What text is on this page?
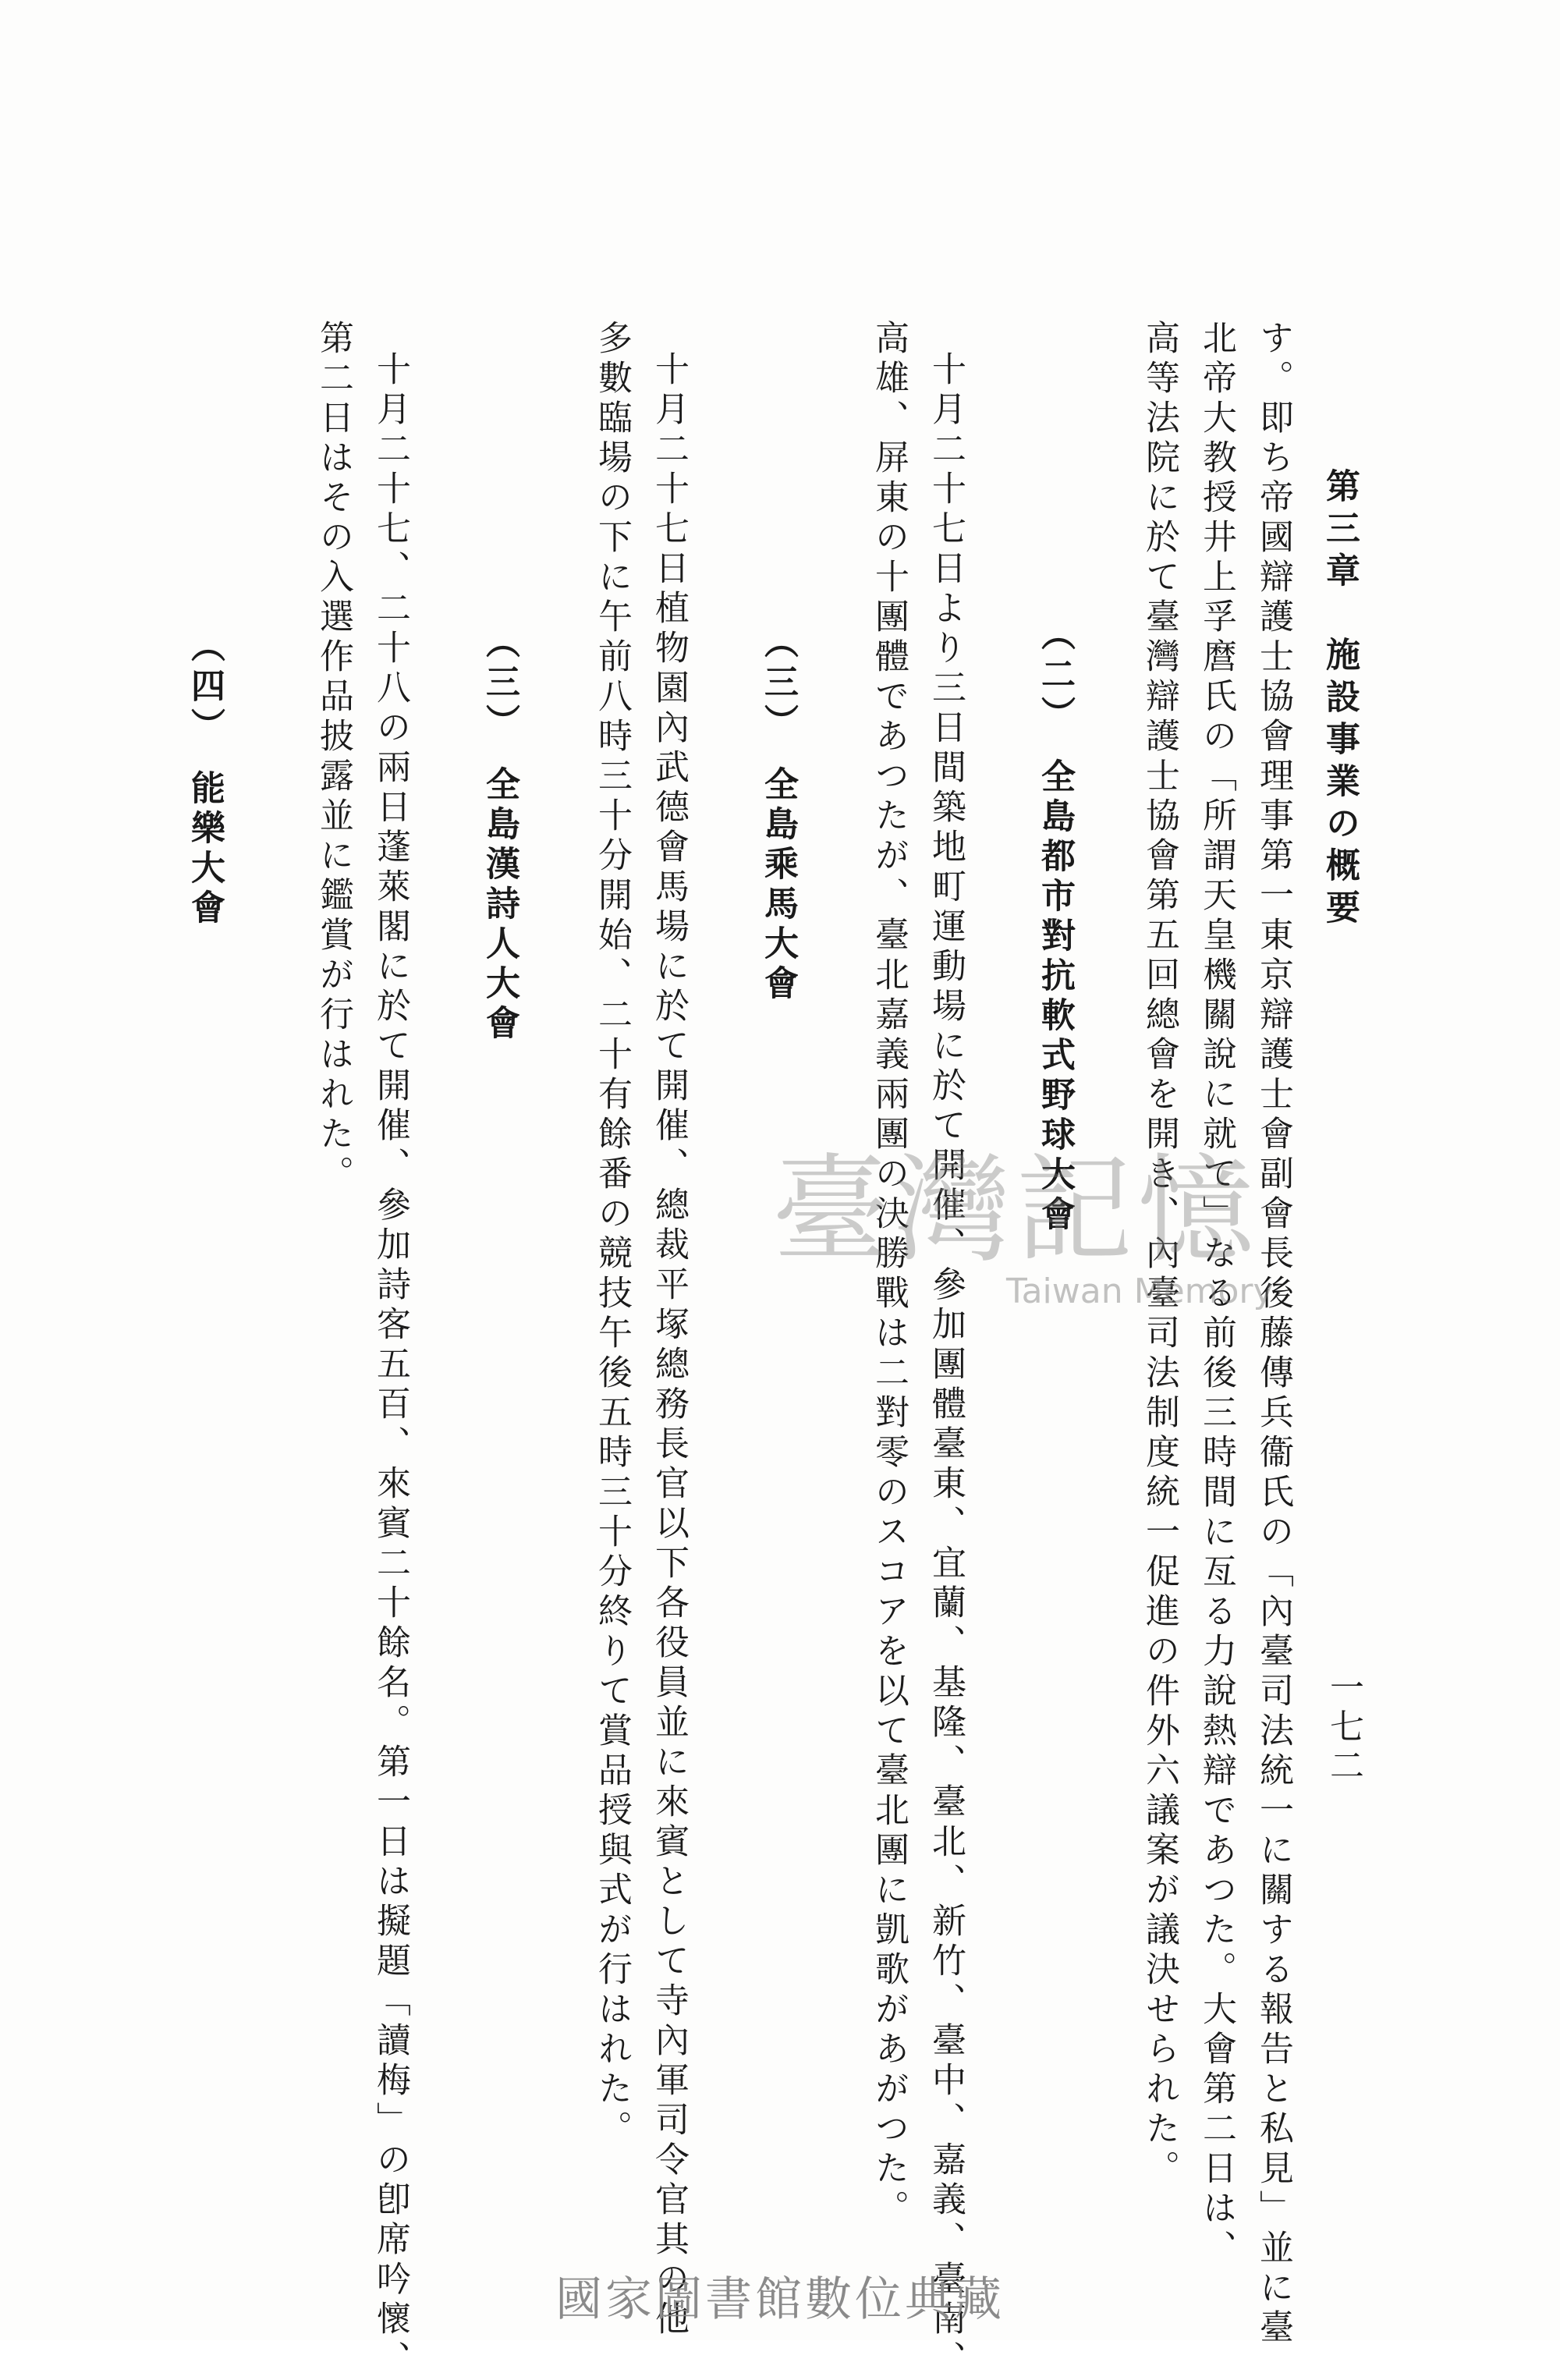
第三章　施設事業の概要
一七二
す。即ち帝國辯護士協會理事第一東京辯護士會副會長後藤傳兵衞氏の「內臺司法統一に關する報告と私見」並に臺
北帝大教授井上孚麿氏の「所謂天皇機關說に就て」なる前後三時間に亙る力說熱辯であつた。大會第二日は、
高等法院に於て臺灣辯護士協會第五回總會を開き、內臺司法制度統一促進の件外六議案が議決せられた。
（二）　全島都市對抗軟式野球大會
十月二十七日より三日間築地町運動場に於て開催、參加團體臺東、宜蘭、基隆、臺北、新竹、臺中、嘉義、臺南、
高雄、屏東の十團體であつたが、臺北嘉義兩團の決勝戰は二對零のスコアを以て臺北團に凱歌があがつた。
（三）　全島乘馬大會
十月二十七日植物園內武德會馬場に於て開催、總裁平塚總務長官以下各役員並に來賓として寺內軍司令官其の他
多數臨場の下に午前八時三十分開始、二十有餘番の競技午後五時三十分終りて賞品授與式が行はれた。
（三）　全島漢詩人大會
十月二十七、二十八の兩日蓬萊閣に於て開催、參加詩客五百、來賓二十餘名。第一日は擬題「讀梅」の卽席吟懷、
第二日はその入選作品披露並に鑑賞が行はれた。
（四）　能樂大會
臺灣記憶
Taiwan Memory
國家圖書館數位典藏
